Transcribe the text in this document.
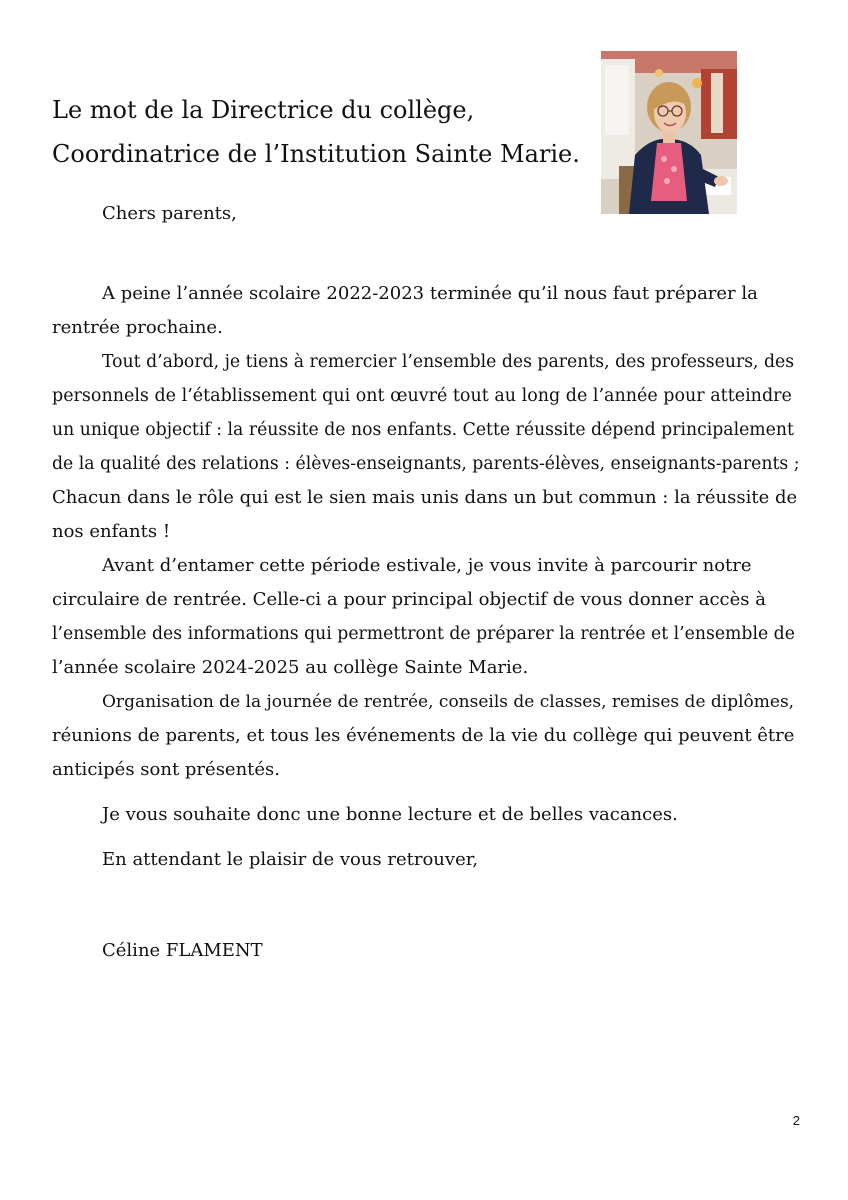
Le mot de la Directrice du collège,
Coordinatrice de l’Institution Sainte Marie.

Chers parents,

A peine l’année scolaire 2022-2023 terminée qu’il nous faut préparer la

rentrée prochaine.

Tout d’abord, je tiens à remercier l’ensemble des parents, des professeurs, des

personnels de l’établissement qui ont œuvré tout au long de l’année pour atteindre

un unique objectif : la réussite de nos enfants. Cette réussite dépend principalement

de la qualité des relations : élèves-enseignants, parents-élèves, enseignants-parents ;

Chacun dans le rôle qui est le sien mais unis dans un but commun : la réussite de

nos enfants !

Avant d’entamer cette période estivale, je vous invite à parcourir notre

circulaire de rentrée. Celle-ci a pour principal objectif de vous donner accès à

l’ensemble des informations qui permettront de préparer la rentrée et l’ensemble de

l’année scolaire 2024-2025 au collège Sainte Marie.

Organisation de la journée de rentrée, conseils de classes, remises de diplômes,

réunions de parents, et tous les événements de la vie du collège qui peuvent être

anticipés sont présentés.

Je vous souhaite donc une bonne lecture et de belles vacances.

En attendant le plaisir de vous retrouver,

Céline FLAMENT

2
